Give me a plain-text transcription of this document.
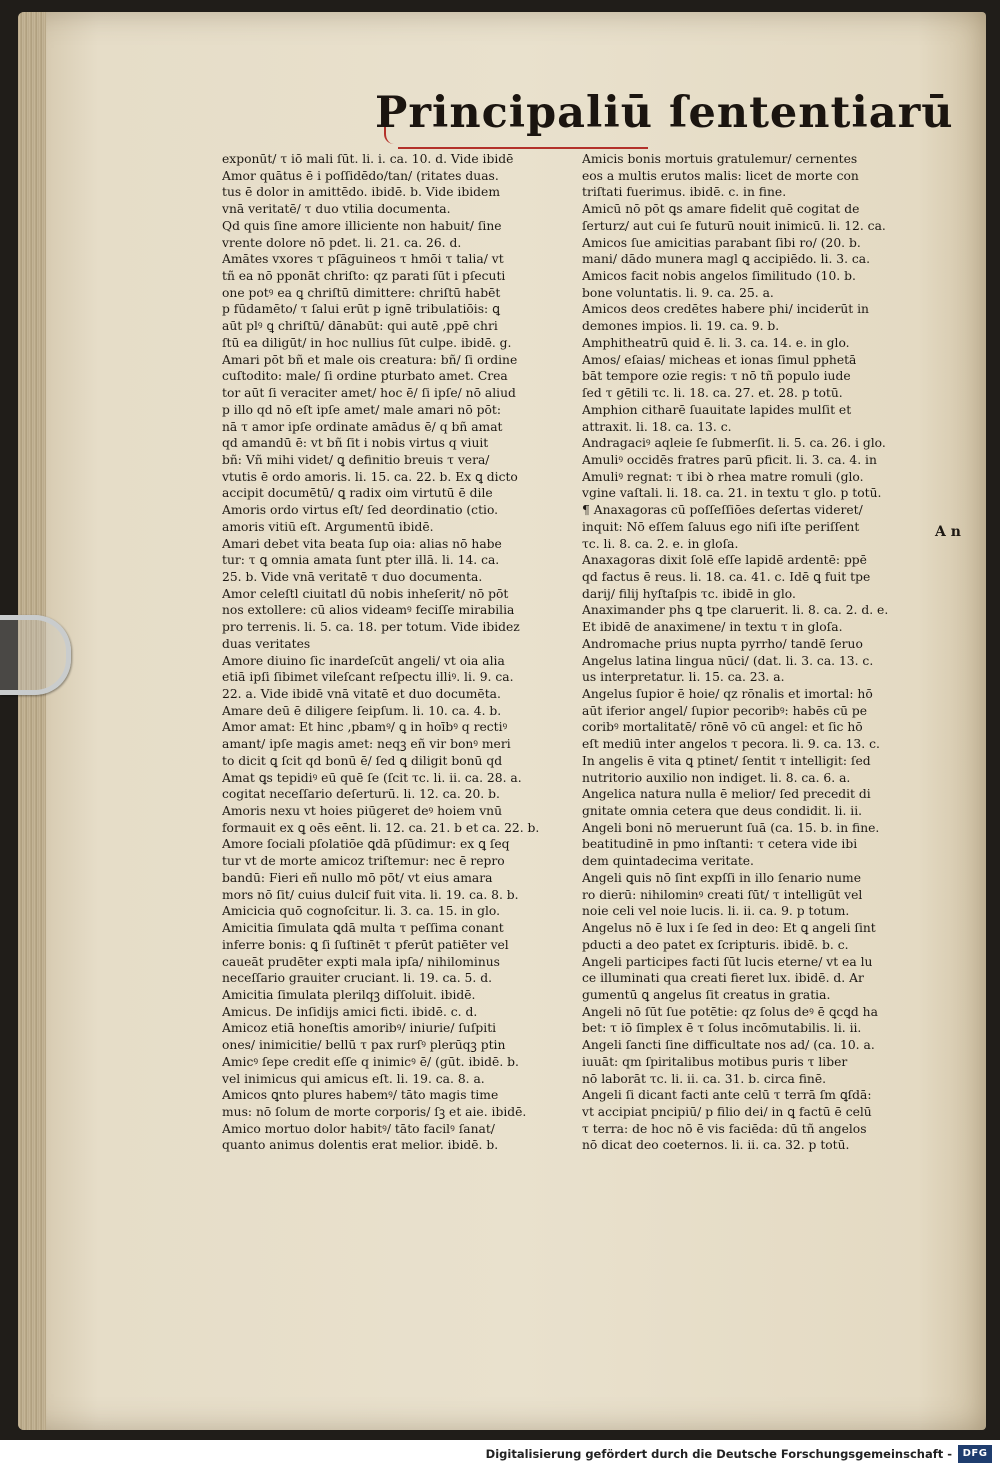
Principaliū ſententiarū
exponūt/ τ iō mali ſūt. li. i. ca. 10. d. Vide ibidē
Amor quātus ē i poſſidēdo/tan/ (ritates duas.
tus ē dolor in amittēdo. ibidē. b. Vide ibidem
vnā veritatē/ τ duo vtilia documenta.
Qd quis ſine amore illiciente non habuit/ ſine
vrente dolore nō pdet. li. 21. ca. 26. d.
Amātes vxores τ pſāguineos τ hmōi τ talia/ vt
tñ ea nō pponāt chriſto: qz parati ſūt i pſecuti
one potꝰ ea ꝗ chriſtū dimittere: chriſtū habēt
p fūdamēto/ τ ſalui erūt p ignē tribulatiōis: ꝗ
aūt plꝰ ꝗ chriſtū/ dānabūt: qui autē ,ppē chri
ſtū ea diligūt/ in hoc nullius ſūt culpe. ibidē. g.
Amari pōt bñ et male ois creatura: bñ/ ſi ordine
cuſtodito: male/ ſi ordine pturbato amet. Crea
tor aūt ſi veraciter amet/ hoc ē/ ſi ipſe/ nō aliud
p illo qd nō eſt ipſe amet/ male amari nō pōt:
nā τ amor ipſe ordinate amādus ē/ q bñ amat
qd amandū ē: vt bñ ſit i nobis virtus q viuit
bñ: Vñ mihi videt/ ꝗ definitio breuis τ vera/
vtutis ē ordo amoris. li. 15. ca. 22. b. Ex ꝗ dicto
accipit documētū/ ꝗ radix oim virtutū ē dile
Amoris ordo virtus eſt/ ſed deordinatio (ctio.
amoris vitiū eſt. Argumentū ibidē.
Amari debet vita beata ſup oia: alias nō habe
tur: τ ꝗ omnia amata ſunt pter illā. li. 14. ca.
25. b. Vide vnā veritatē τ duo documenta.
Amor celeſtl ciuitatl dū nobis inheſerit/ nō pōt
nos extollere: cū alios videamꝰ feciſſe mirabilia
pro terrenis. li. 5. ca. 18. per totum. Vide ibidez
duas veritates
Amore diuino ſic inardeſcūt angeli/ vt oia alia
etiā ipſi ſibimet vileſcant reſpectu illiꝰ. li. 9. ca.
22. a. Vide ibidē vnā vitatē et duo documēta.
Amare deū ē diligere ſeipſum. li. 10. ca. 4. b.
Amor amat: Et hinc ,pbamꝰ/ ꝗ in hoībꝰ q rectiꝰ
amant/ ipſe magis amet: neqꝫ eñ vir bonꝰ meri
to dicit ꝗ ſcit qd bonū ē/ ſed ꝗ diligit bonū qd
Amat ꝗs tepidiꝰ eū quē ſe (ſcit τc. li. ii. ca. 28. a.
cogitat neceſſario deſerturū. li. 12. ca. 20. b.
Amoris nexu vt hoies piūgeret deꝰ hoiem vnū
formauit ex ꝗ oēs eēnt. li. 12. ca. 21. b et ca. 22. b.
Amore ſociali pſolatiōe ꝗdā pſūdimur: ex ꝗ ſeq
tur vt de morte amicoz triſtemur: nec ē repro
bandū: Fieri eñ nullo mō pōt/ vt eius amara
mors nō ſit/ cuius dulciſ fuit vita. li. 19. ca. 8. b.
Amicicia quō cognoſcitur. li. 3. ca. 15. in glo.
Amicitia ſimulata ꝗdā multa τ peſſima conant
inferre bonis: ꝗ ſi ſuſtinēt τ pferūt patiēter vel
caueāt prudēter expti mala ipſa/ nihilominus
neceſſario grauiter cruciant. li. 19. ca. 5. d.
Amicitia ſimulata plerilqꝫ diſſoluit. ibidē.
Amicus. De inſidijs amici ficti. ibidē. c. d.
Amicoz etiā honeſtis amoribꝰ/ iniurie/ ſuſpiti
ones/ inimicitie/ bellū τ pax rurſꝰ plerūqꝫ ptin
Amicꝰ ſepe credit eſſe q inimicꝰ ē/ (gūt. ibidē. b.
vel inimicus qui amicus eſt. li. 19. ca. 8. a.
Amicos ꝗnto plures habemꝰ/ tāto magis time
mus: nō ſolum de morte corporis/ ſꝫ et aie. ibidē.
Amico mortuo dolor habitꝰ/ tāto facilꝰ ſanat/
quanto animus dolentis erat melior. ibidē. b.
Amicis bonis mortuis gratulemur/ cernentes
eos a multis erutos malis: licet de morte con
triſtati fuerimus. ibidē. c. in fine.
Amicū nō pōt ꝗs amare fidelit quē cogitat de
ſerturz/ aut cui ſe futurū nouit inimicū. li. 12. ca.
Amicos ſue amicitias parabant ſibi ro/ (20. b.
mani/ dādo munera magl ꝗ accipiēdo. li. 3. ca.
Amicos facit nobis angelos ſimilitudo (10. b.
bone voluntatis. li. 9. ca. 25. a.
Amicos deos credētes habere phi/ inciderūt in
demones impios. li. 19. ca. 9. b.
Amphitheatrū quid ē. li. 3. ca. 14. e. in glo.
Amos/ eſaias/ micheas et ionas ſimul pphetā
bāt tempore ozie regis: τ nō tñ populo iude
ſed τ gētili τc. li. 18. ca. 27. et. 28. p totū.
Amphion citharē ſuauitate lapides mulſit et
attraxit. li. 18. ca. 13. c.
Andragaciꝰ aqleie ſe ſubmerſit. li. 5. ca. 26. i glo.
Amuliꝰ occidēs fratres parū pficit. li. 3. ca. 4. in
Amuliꝰ regnat: τ ibi ꝺ rhea matre romuli (glo.
vgine vaſtali. li. 18. ca. 21. in textu τ glo. p totū.
¶ Anaxagoras cū poſſeſſiōes deſertas videret/
inquit: Nō eſſem ſaluus ego niſi iſte periſſent
τc. li. 8. ca. 2. e. in gloſa.
Anaxagoras dixit ſolē eſſe lapidē ardentē: ppē
qd factus ē reus. li. 18. ca. 41. c. Idē ꝗ fuit tpe
darij/ filij hyſtaſpis τc. ibidē in glo.
Anaximander phs ꝗ tpe claruerit. li. 8. ca. 2. d. e.
Et ibidē de anaximene/ in textu τ in gloſa.
Andromache prius nupta pyrrho/ tandē ſeruo
Angelus latina lingua nūci/ (dat. li. 3. ca. 13. c.
us interpretatur. li. 15. ca. 23. a.
Angelus ſupior ē hoie/ qz rōnalis et imortal: hō
aūt iferior angel/ ſupior pecoribꝰ: habēs cū pe
coribꝰ mortalitatē/ rōnē vō cū angel: et ſic hō
eſt mediū inter angelos τ pecora. li. 9. ca. 13. c.
In angelis ē vita ꝗ ptinet/ ſentit τ intelligit: ſed
nutritorio auxilio non indiget. li. 8. ca. 6. a.
Angelica natura nulla ē melior/ ſed precedit di
gnitate omnia cetera que deus condidit. li. ii.
Angeli boni nō meruerunt ſuā (ca. 15. b. in fine.
beatitudinē in pmo inſtanti: τ cetera vide ibi
dem quintadecima veritate.
Angeli ꝗuis nō ſint expſſi in illo ſenario nume
ro dierū: nihilominꝰ creati ſūt/ τ intelligūt vel
noie celi vel noie lucis. li. ii. ca. 9. p totum.
Angelus nō ē lux i ſe ſed in deo: Et ꝗ angeli ſint
pducti a deo patet ex ſcripturis. ibidē. b. c.
Angeli participes facti ſūt lucis eterne/ vt ea lu
ce illuminati qua creati fieret lux. ibidē. d. Ar
gumentū ꝗ angelus ſit creatus in gratia.
Angeli nō ſūt ſue potētie: qz ſolus deꝰ ē ꝗcꝗd ha
bet: τ iō ſimplex ē τ ſolus incōmutabilis. li. ii.
Angeli ſancti ſine difficultate nos ad/ (ca. 10. a.
iuuāt: qm ſpiritalibus motibus puris τ liber
nō laborāt τc. li. ii. ca. 31. b. circa finē.
Angeli ſi dicant facti ante celū τ terrā ſm ꝗſdā:
vt accipiat pncipiū/ p filio dei/ in ꝗ factū ē celū
τ terra: de hoc nō ē vis faciēda: dū tñ angelos
nō dicat deo coeternos. li. ii. ca. 32. p totū.
A n
Digitalisierung gefördert durch die Deutsche Forschungsgemeinschaft -	DFG
